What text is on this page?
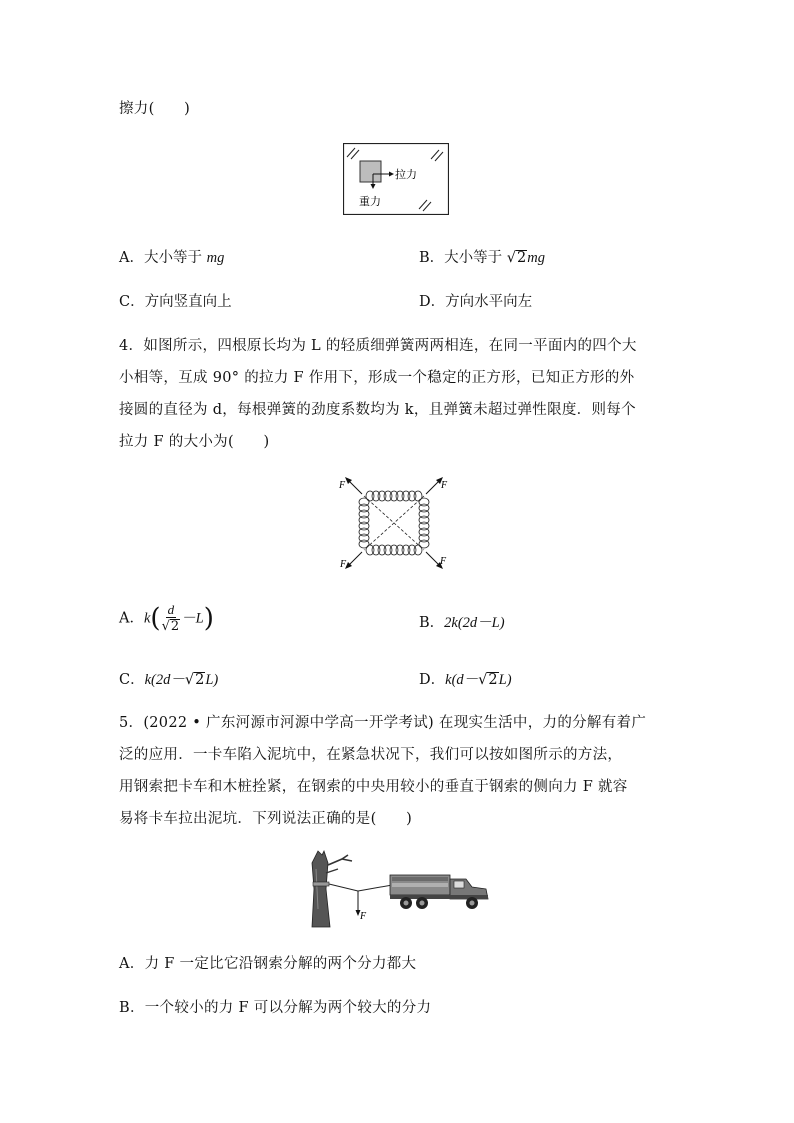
擦力(　　)
拉力
重力
A．大小等于 mg	B．大小等于 √2mg
C．方向竖直向上	D．方向水平向左
4．如图所示，四根原长均为 L 的轻质细弹簧两两相连，在同一平面内的四个大
小相等，互成 90° 的拉力 F 作用下，形成一个稳定的正方形，已知正方形的外
接圆的直径为 d，每根弹簧的劲度系数均为 k，且弹簧未超过弹性限度．则每个
拉力 F 的大小为(　　)
F	F
F	F
A．$k( \frac{d}{√2} -L)$	B．2k(2d－L)
C．k(2d－√2L)	D．k(d－√2L)
5．(2022 • 广东河源市河源中学高一开学考试) 在现实生活中，力的分解有着广
泛的应用．一卡车陷入泥坑中，在紧急状况下，我们可以按如图所示的方法，
用钢索把卡车和木桩拴紧，在钢索的中央用较小的垂直于钢索的侧向力 F 就容
易将卡车拉出泥坑．下列说法正确的是(　　)
F
A．力 F 一定比它沿钢索分解的两个分力都大
B．一个较小的力 F 可以分解为两个较大的分力
